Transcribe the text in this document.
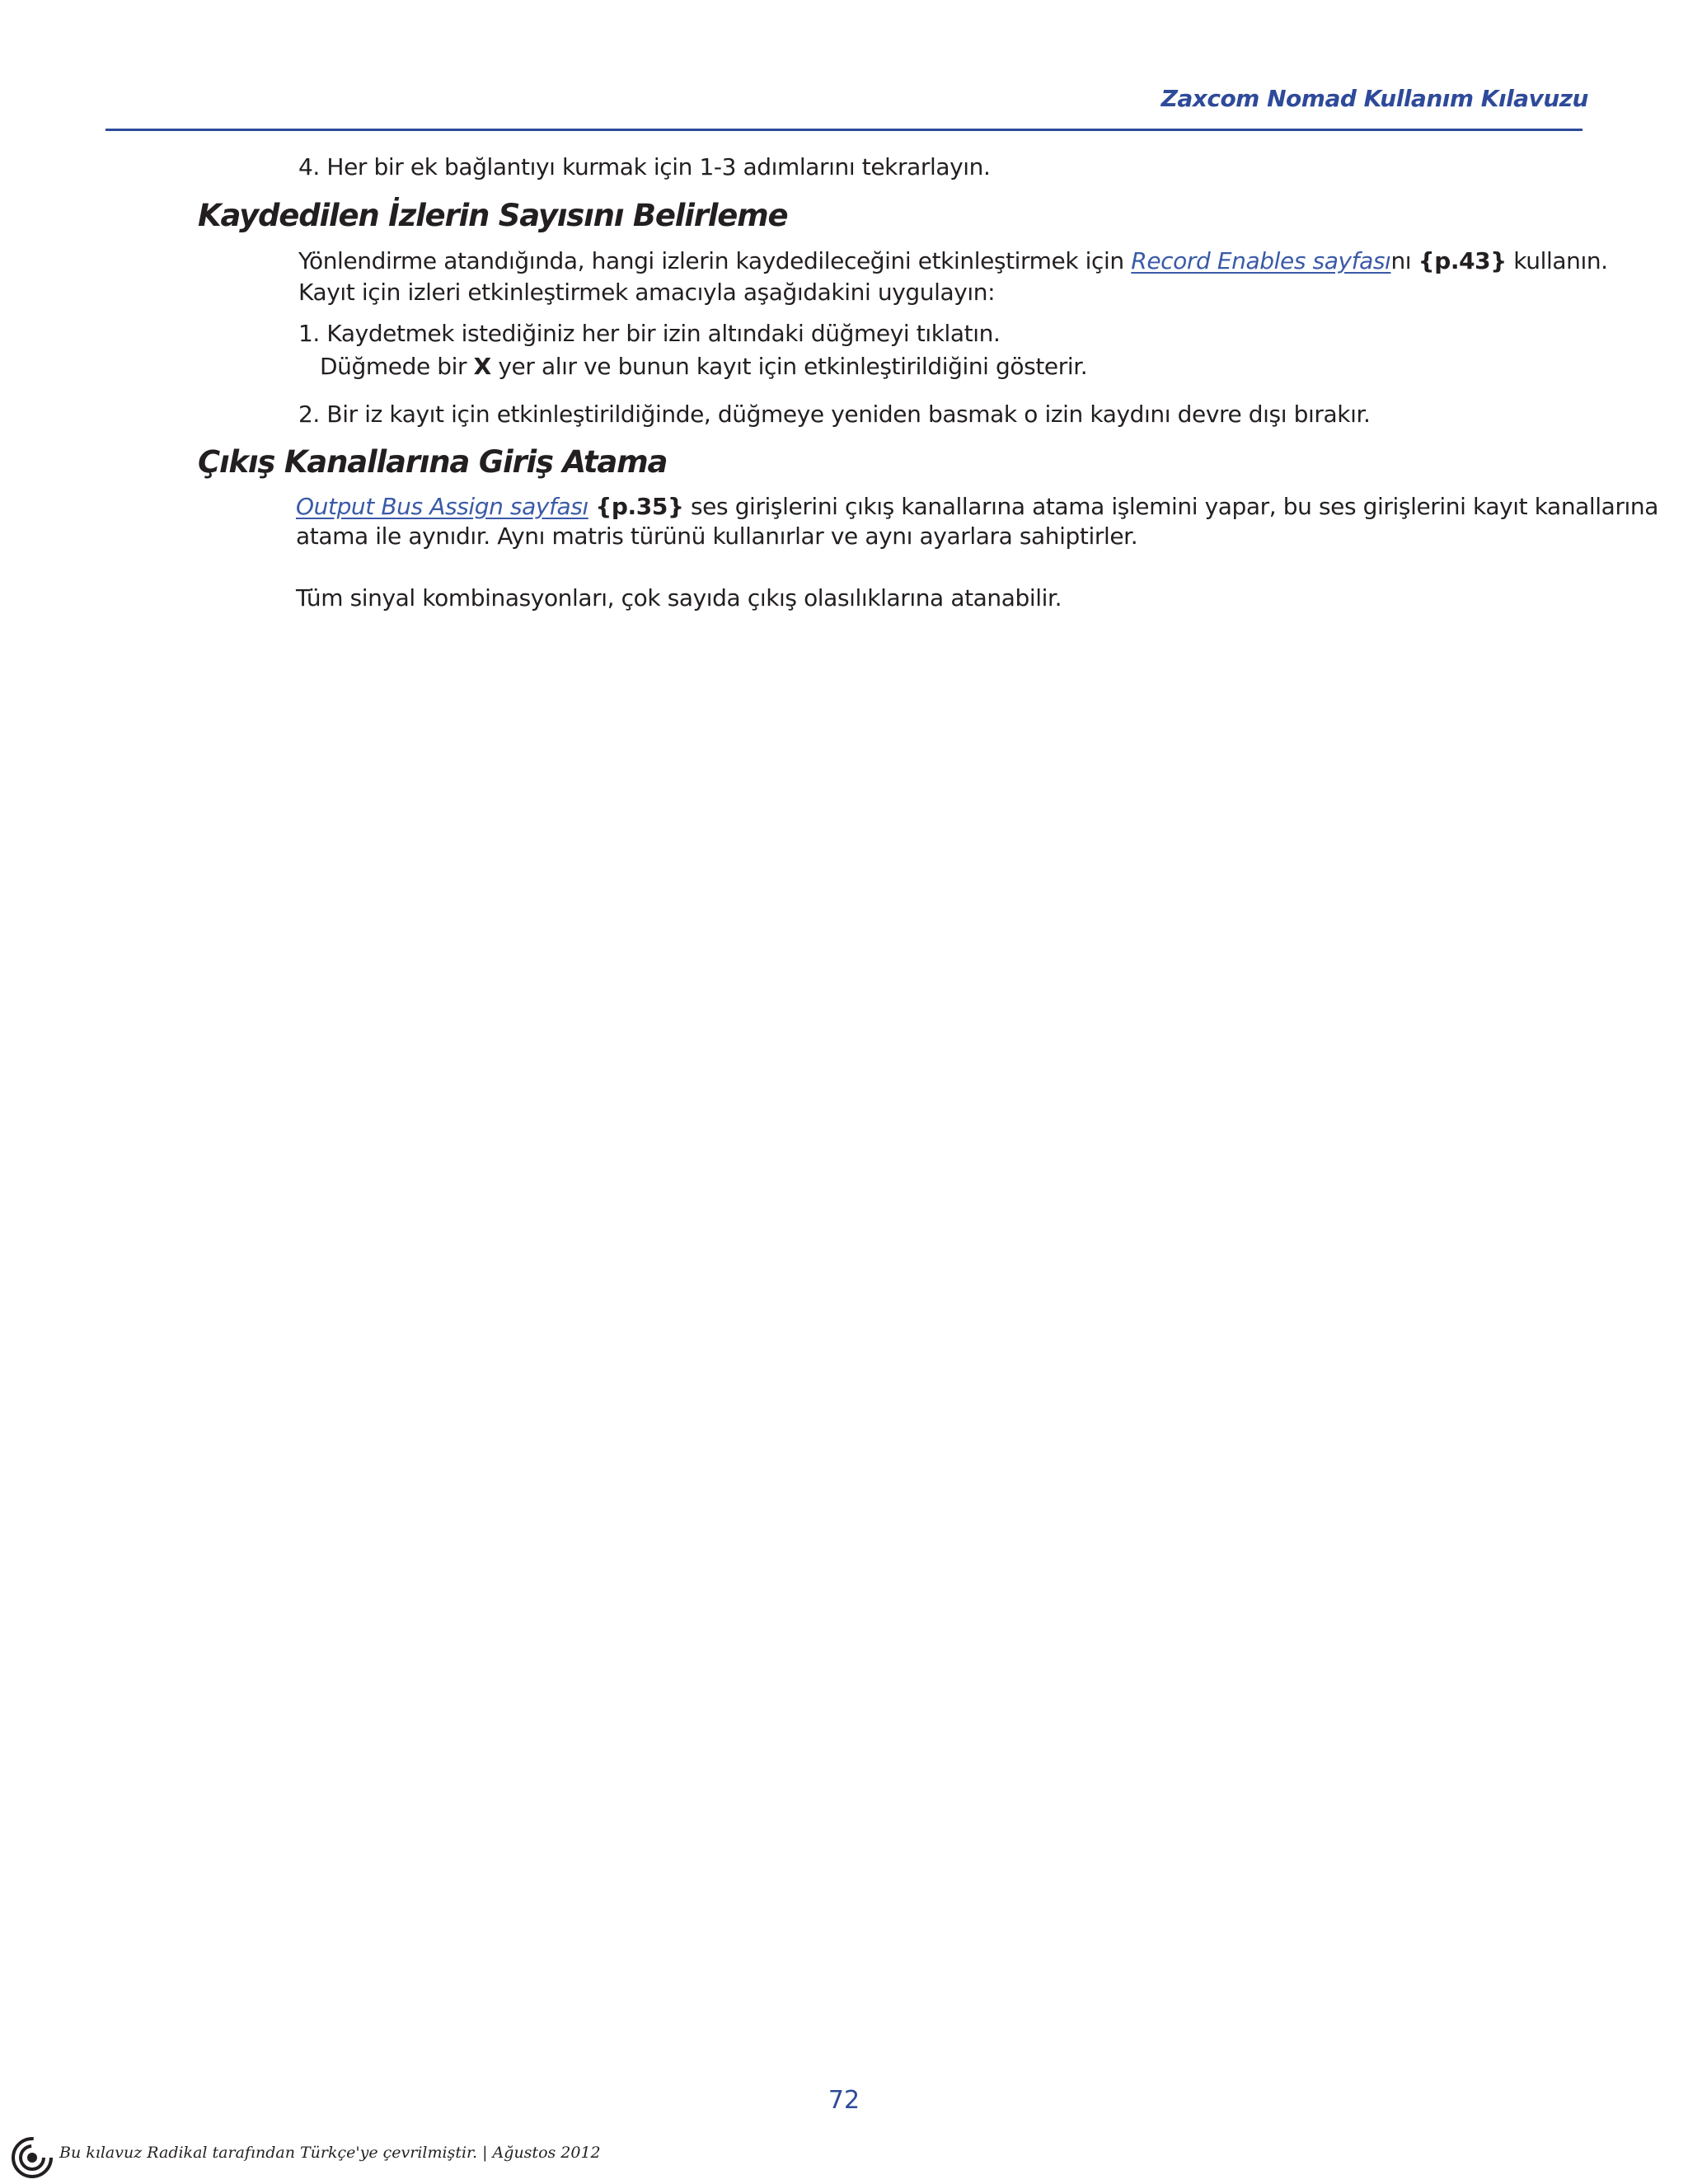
Zaxcom Nomad Kullanım Kılavuzu
4. Her bir ek bağlantıyı kurmak için 1-3 adımlarını tekrarlayın.
Kaydedilen İzlerin Sayısını Belirleme
Yönlendirme atandığında, hangi izlerin kaydedileceğini etkinleştirmek için Record Enables sayfasını {p.43} kullanın.
Kayıt için izleri etkinleştirmek amacıyla aşağıdakini uygulayın:
1. Kaydetmek istediğiniz her bir izin altındaki düğmeyi tıklatın.
Düğmede bir X yer alır ve bunun kayıt için etkinleştirildiğini gösterir.
2. Bir iz kayıt için etkinleştirildiğinde, düğmeye yeniden basmak o izin kaydını devre dışı bırakır.
Çıkış Kanallarına Giriş Atama
Output Bus Assign sayfası {p.35} ses girişlerini çıkış kanallarına atama işlemini yapar, bu ses girişlerini kayıt kanallarına
atama ile aynıdır. Aynı matris türünü kullanırlar ve aynı ayarlara sahiptirler.
Tüm sinyal kombinasyonları, çok sayıda çıkış olasılıklarına atanabilir.
72
Bu kılavuz Radikal tarafından Türkçe'ye çevrilmiştir. | Ağustos 2012
